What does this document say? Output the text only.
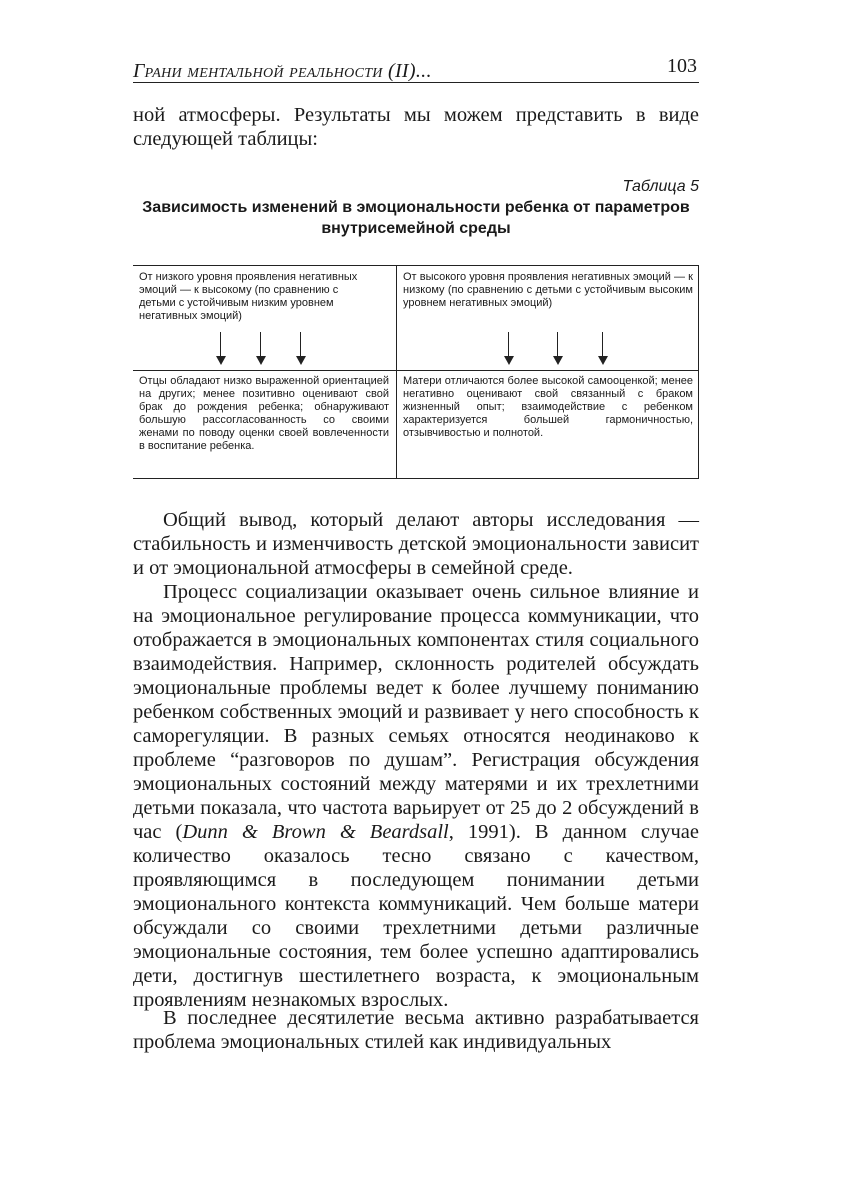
Грани ментальной реальности (II)...	103

ной атмосферы. Результаты мы можем представить в виде следующей таблицы:

Таблица 5
Зависимость изменений в эмоциональности ребенка от параметров внутрисемейной среды
От низкого уровня проявления негативных эмоций — к высокому (по сравнению с детьми с устойчивым низким уровнем негативных эмоций)
От высокого уровня проявления негативных эмоций — к низкому (по сравнению с детьми с устойчивым высоким уровнем негативных эмоций)
Отцы обладают низко выраженной ориентацией на других; менее позитивно оценивают свой брак до рождения ребенка; обнаруживают большую рассогласованность со своими женами по поводу оценки своей вовлеченности в воспитание ребенка.
Матери отличаются более высокой самооценкой; менее негативно оценивают свой связанный с браком жизненный опыт; взаимодействие с ребенком характеризуется большей гармоничностью, отзывчивостью и полнотой.

Общий вывод, который делают авторы исследования — стабильность и изменчивость детской эмоциональности зависит и от эмоциональной атмосферы в семейной среде.

Процесс социализации оказывает очень сильное влияние и на эмоциональное регулирование процесса коммуникации, что отображается в эмоциональных компонентах стиля социального взаимодействия. Например, склонность родителей обсуждать эмоциональные проблемы ведет к более лучшему пониманию ребенком собственных эмоций и развивает у него способность к саморегуляции. В разных семьях относятся неодинаково к проблеме “разговоров по душам”. Регистрация обсуждения эмоциональных состояний между матерями и их трехлетними детьми показала, что частота варьирует от 25 до 2 обсуждений в час (Dunn & Brown & Beardsall, 1991). В данном случае количество оказалось тесно связано с качеством, проявляющимся в последующем понимании детьми эмоционального контекста коммуникаций. Чем больше матери обсуждали со своими трехлетними детьми различные эмоциональные состояния, тем более успешно адаптировались дети, достигнув шестилетнего возраста, к эмоциональным проявлениям незнакомых взрослых.

В последнее десятилетие весьма активно разрабатывается проблема эмоциональных стилей как индивидуальных
